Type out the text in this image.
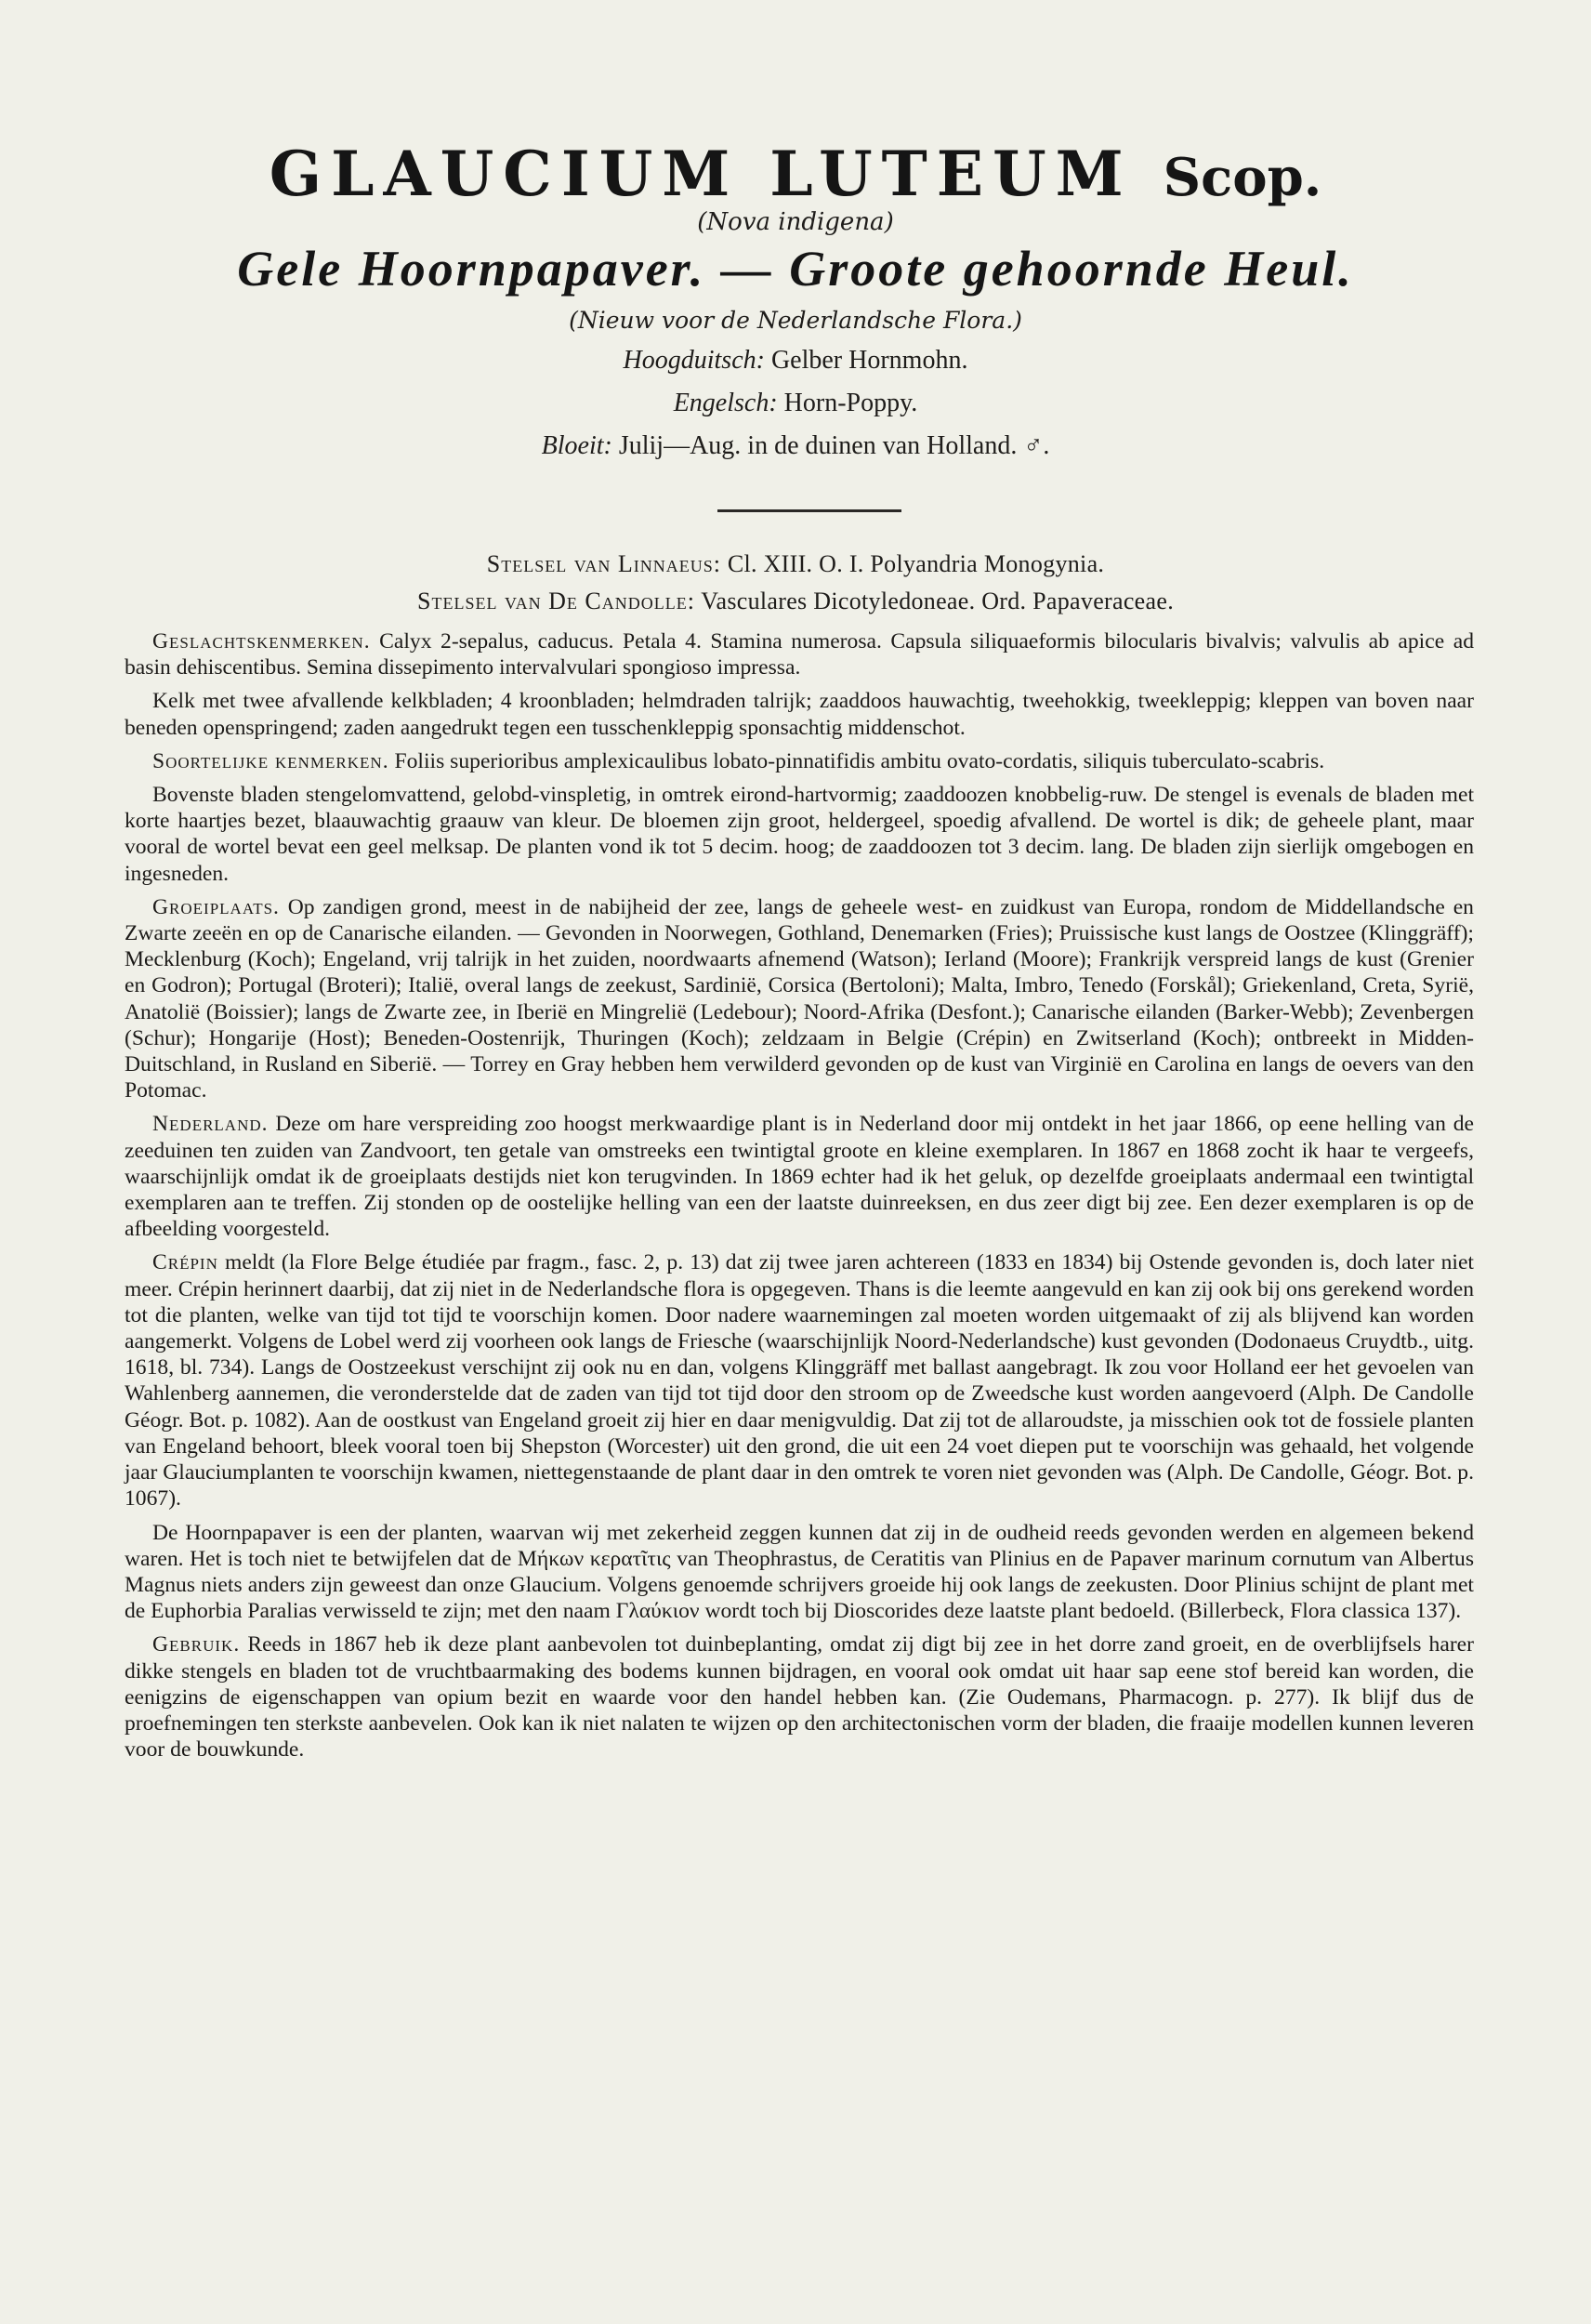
GLAUCIUM LUTEUM Scop.
(Nova indigena)
Gele Hoornpapaver. — Groote gehoornde Heul.
(Nieuw voor de Nederlandsche Flora.)
Hoogduitsch: Gelber Hornmohn.
Engelsch: Horn-Poppy.
Bloeit: Julij—Aug. in de duinen van Holland. ♂.
Stelsel van Linnaeus: Cl. XIII. O. I. Polyandria Monogynia.
Stelsel van De Candolle: Vasculares Dicotyledoneae. Ord. Papaveraceae.

Geslachtskenmerken. Calyx 2-sepalus, caducus. Petala 4. Stamina numerosa. Capsula siliquaeformis bilocularis bivalvis; valvulis ab apice ad basin dehiscentibus. Semina dissepimento intervalvulari spongioso impressa.

Kelk met twee afvallende kelkbladen; 4 kroonbladen; helmdraden talrijk; zaaddoos hauwachtig, tweehokkig, tweekleppig; kleppen van boven naar beneden openspringend; zaden aangedrukt tegen een tusschenkleppig sponsachtig middenschot.

Soortelijke kenmerken. Foliis superioribus amplexicaulibus lobato-pinnatifidis ambitu ovato-cordatis, siliquis tuberculato-scabris.

Bovenste bladen stengelomvattend, gelobd-vinspletig, in omtrek eirond-hartvormig; zaaddoozen knobbelig-ruw. De stengel is evenals de bladen met korte haartjes bezet, blaauwachtig graauw van kleur. De bloemen zijn groot, heldergeel, spoedig afvallend. De wortel is dik; de geheele plant, maar vooral de wortel bevat een geel melksap. De planten vond ik tot 5 decim. hoog; de zaaddoozen tot 3 decim. lang. De bladen zijn sierlijk omgebogen en ingesneden.

Groeiplaats. Op zandigen grond, meest in de nabijheid der zee, langs de geheele west- en zuidkust van Europa, rondom de Middellandsche en Zwarte zeeën en op de Canarische eilanden. — Gevonden in Noorwegen, Gothland, Denemarken (Fries); Pruissische kust langs de Oostzee (Klinggräff); Mecklenburg (Koch); Engeland, vrij talrijk in het zuiden, noordwaarts afnemend (Watson); Ierland (Moore); Frankrijk verspreid langs de kust (Grenier en Godron); Portugal (Broteri); Italië, overal langs de zeekust, Sardinië, Corsica (Bertoloni); Malta, Imbro, Tenedo (Forskål); Griekenland, Creta, Syrië, Anatolië (Boissier); langs de Zwarte zee, in Iberië en Mingrelië (Ledebour); Noord-Afrika (Desfont.); Canarische eilanden (Barker-Webb); Zevenbergen (Schur); Hongarije (Host); Beneden-Oostenrijk, Thuringen (Koch); zeldzaam in Belgie (Crépin) en Zwitserland (Koch); ontbreekt in Midden-Duitschland, in Rusland en Siberië. — Torrey en Gray hebben hem verwilderd gevonden op de kust van Virginië en Carolina en langs de oevers van den Potomac.

Nederland. Deze om hare verspreiding zoo hoogst merkwaardige plant is in Nederland door mij ontdekt in het jaar 1866, op eene helling van de zeeduinen ten zuiden van Zandvoort, ten getale van omstreeks een twintigtal groote en kleine exemplaren. In 1867 en 1868 zocht ik haar te vergeefs, waarschijnlijk omdat ik de groeiplaats destijds niet kon terugvinden. In 1869 echter had ik het geluk, op dezelfde groeiplaats andermaal een twintigtal exemplaren aan te treffen. Zij stonden op de oostelijke helling van een der laatste duinreeksen, en dus zeer digt bij zee. Een dezer exemplaren is op de afbeelding voorgesteld.

Crépin meldt (la Flore Belge étudiée par fragm., fasc. 2, p. 13) dat zij twee jaren achtereen (1833 en 1834) bij Ostende gevonden is, doch later niet meer. Crépin herinnert daarbij, dat zij niet in de Nederlandsche flora is opgegeven. Thans is die leemte aangevuld en kan zij ook bij ons gerekend worden tot die planten, welke van tijd tot tijd te voorschijn komen. Door nadere waarnemingen zal moeten worden uitgemaakt of zij als blijvend kan worden aangemerkt. Volgens de Lobel werd zij voorheen ook langs de Friesche (waarschijnlijk Noord-Nederlandsche) kust gevonden (Dodonaeus Cruydtb., uitg. 1618, bl. 734). Langs de Oostzeekust verschijnt zij ook nu en dan, volgens Klinggräff met ballast aangebragt. Ik zou voor Holland eer het gevoelen van Wahlenberg aannemen, die veronderstelde dat de zaden van tijd tot tijd door den stroom op de Zweedsche kust worden aangevoerd (Alph. De Candolle Géogr. Bot. p. 1082). Aan de oostkust van Engeland groeit zij hier en daar menigvuldig. Dat zij tot de allaroudste, ja misschien ook tot de fossiele planten van Engeland behoort, bleek vooral toen bij Shepston (Worcester) uit den grond, die uit een 24 voet diepen put te voorschijn was gehaald, het volgende jaar Glauciumplanten te voorschijn kwamen, niettegenstaande de plant daar in den omtrek te voren niet gevonden was (Alph. De Candolle, Géogr. Bot. p. 1067).

De Hoornpapaver is een der planten, waarvan wij met zekerheid zeggen kunnen dat zij in de oudheid reeds gevonden werden en algemeen bekend waren. Het is toch niet te betwijfelen dat de Μήκων κερατῖτις van Theophrastus, de Ceratitis van Plinius en de Papaver marinum cornutum van Albertus Magnus niets anders zijn geweest dan onze Glaucium. Volgens genoemde schrijvers groeide hij ook langs de zeekusten. Door Plinius schijnt de plant met de Euphorbia Paralias verwisseld te zijn; met den naam Γλαύκιον wordt toch bij Dioscorides deze laatste plant bedoeld. (Billerbeck, Flora classica 137).

Gebruik. Reeds in 1867 heb ik deze plant aanbevolen tot duinbeplanting, omdat zij digt bij zee in het dorre zand groeit, en de overblijfsels harer dikke stengels en bladen tot de vruchtbaarmaking des bodems kunnen bijdragen, en vooral ook omdat uit haar sap eene stof bereid kan worden, die eenigzins de eigenschappen van opium bezit en waarde voor den handel hebben kan. (Zie Oudemans, Pharmacogn. p. 277). Ik blijf dus de proefnemingen ten sterkste aanbevelen. Ook kan ik niet nalaten te wijzen op den architectonischen vorm der bladen, die fraaije modellen kunnen leveren voor de bouwkunde.
